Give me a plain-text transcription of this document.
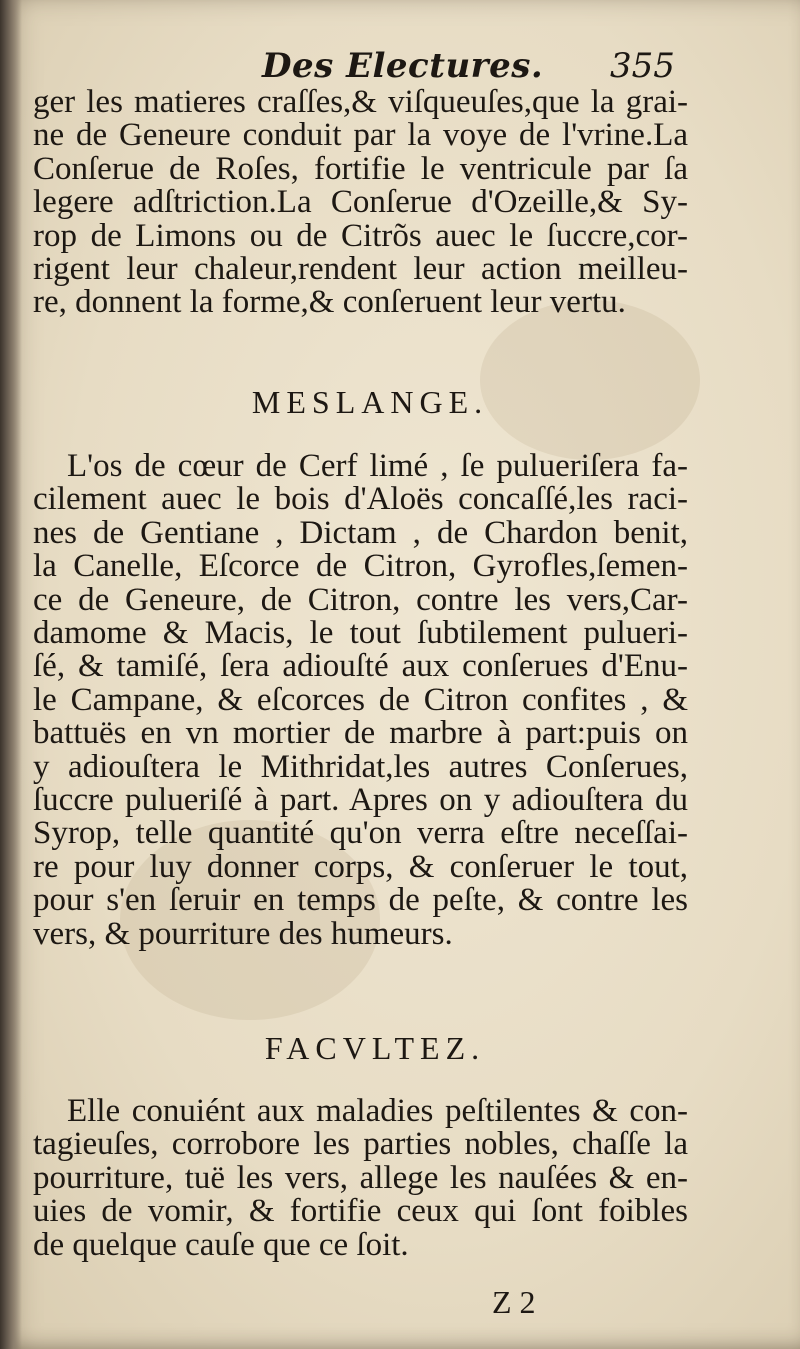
Des Electures. 355
ger les matieres craſſes,& viſqueuſes,que la grai-
ne de Geneure conduit par la voye de l'vrine.La
Conſerue de Roſes, fortifie le ventricule par ſa
legere adſtriction.La Conſerue d'Ozeille,& Sy-
rop de Limons ou de Citrõs auec le ſuccre,cor-
rigent leur chaleur,rendent leur action meilleu-
re, donnent la forme,& conſeruent leur vertu.
MESLANGE.
L'os de cœur de Cerf limé , ſe pulueriſera fa-
cilement auec le bois d'Aloës concaſſé,les raci-
nes de Gentiane , Dictam , de Chardon benit,
la Canelle, Eſcorce de Citron, Gyrofles,ſemen-
ce de Geneure, de Citron, contre les vers,Car-
damome & Macis, le tout ſubtilement pulueri-
ſé, & tamiſé, ſera adiouſté aux conſerues d'Enu-
le Campane, & eſcorces de Citron confites , &
battuës en vn mortier de marbre à part:puis on
y adiouſtera le Mithridat,les autres Conſerues,
ſuccre pulueriſé à part. Apres on y adiouſtera du
Syrop, telle quantité qu'on verra eſtre neceſſai-
re pour luy donner corps, & conſeruer le tout,
pour s'en ſeruir en temps de peſte, & contre les
vers, & pourriture des humeurs.
FACVLTEZ.
Elle conuiént aux maladies peſtilentes & con-
tagieuſes, corrobore les parties nobles, chaſſe la
pourriture, tuë les vers, allege les nauſées & en-
uies de vomir, & fortifie ceux qui ſont foibles
de quelque cauſe que ce ſoit.
Z 2
